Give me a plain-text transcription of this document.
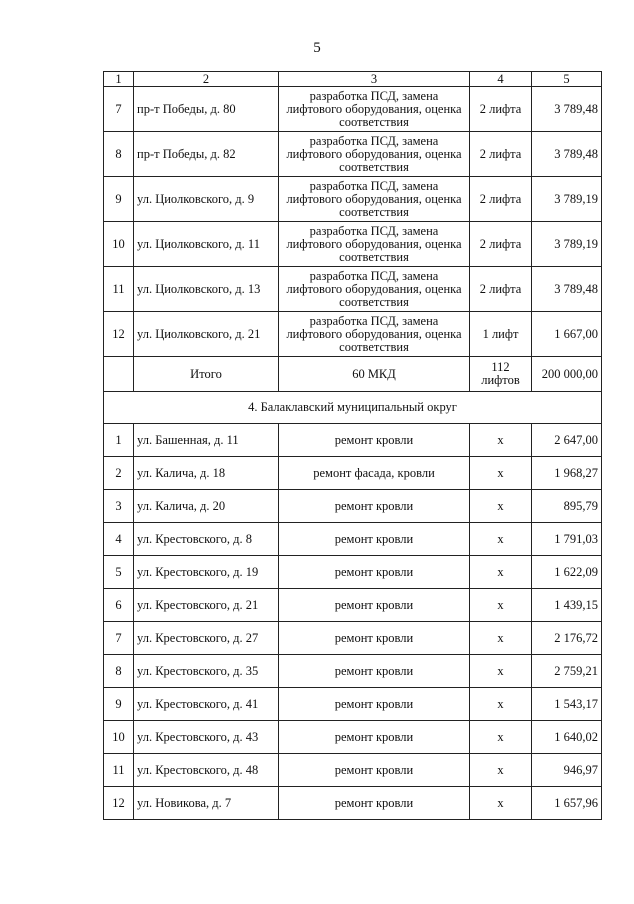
5
1	2	3	4	5
7	пр-т Победы, д. 80	разработка ПСД, замена лифтового оборудования, оценка соответствия	2 лифта	3 789,48
8	пр-т Победы, д. 82	разработка ПСД, замена лифтового оборудования, оценка соответствия	2 лифта	3 789,48
9	ул. Циолковского, д. 9	разработка ПСД, замена лифтового оборудования, оценка соответствия	2 лифта	3 789,19
10	ул. Циолковского, д. 11	разработка ПСД, замена лифтового оборудования, оценка соответствия	2 лифта	3 789,19
11	ул. Циолковского, д. 13	разработка ПСД, замена лифтового оборудования, оценка соответствия	2 лифта	3 789,48
12	ул. Циолковского, д. 21	разработка ПСД, замена лифтового оборудования, оценка соответствия	1 лифт	1 667,00
	Итого	60 МКД	112 лифтов	200 000,00
4. Балаклавский муниципальный округ				
1	ул. Башенная, д. 11	ремонт кровли	х	2 647,00
2	ул. Калича, д. 18	ремонт фасада, кровли	х	1 968,27
3	ул. Калича, д. 20	ремонт кровли	х	895,79
4	ул. Крестовского, д. 8	ремонт кровли	х	1 791,03
5	ул. Крестовского, д. 19	ремонт кровли	х	1 622,09
6	ул. Крестовского, д. 21	ремонт кровли	х	1 439,15
7	ул. Крестовского, д. 27	ремонт кровли	х	2 176,72
8	ул. Крестовского, д. 35	ремонт кровли	х	2 759,21
9	ул. Крестовского, д. 41	ремонт кровли	х	1 543,17
10	ул. Крестовского, д. 43	ремонт кровли	х	1 640,02
11	ул. Крестовского, д. 48	ремонт кровли	х	946,97
12	ул. Новикова, д. 7	ремонт кровли	х	1 657,96
